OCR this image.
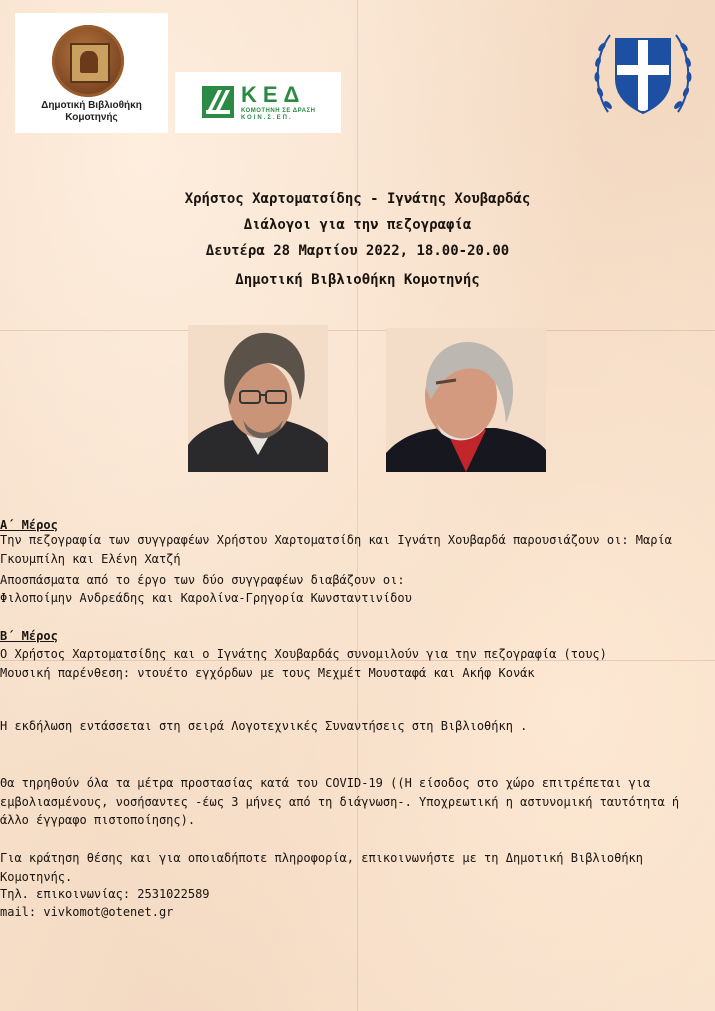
Δημοτική Βιβλιοθήκη
Κομοτηνής
ΚΕΔ
ΚΟΜΟΤΗΝΗ ΣΕ ΔΡΑΣΗ
ΚΟΙΝ.Σ.ΕΠ.
Χρήστος Χαρτοματσίδης - Ιγνάτης Χουβαρδάς
Διάλογοι για την πεζογραφία
Δευτέρα 28 Μαρτίου 2022, 18.00-20.00
Δημοτική Βιβλιοθήκη Κομοτηνής
Α΄ Μέρος
Την πεζογραφία των συγγραφέων Χρήστου Χαρτοματσίδη και Ιγνάτη Χουβαρδά παρουσιάζουν οι: Μαρία Γκουμπίλη και Ελένη Χατζή
Αποσπάσματα από το έργο των δύο συγγραφέων διαβάζουν οι:
Φιλοποίμην Ανδρεάδης και Καρολίνα-Γρηγορία Κωνσταντινίδου
Β΄ Μέρος
Ο Χρήστος Χαρτοματσίδης και ο Ιγνάτης Χουβαρδάς συνομιλούν για την πεζογραφία (τους)
Μουσική παρένθεση: ντουέτο εγχόρδων με τους Μεχμέτ Μουσταφά και Ακήφ Κονάκ
Η εκδήλωση εντάσσεται στη σειρά Λογοτεχνικές Συναντήσεις στη Βιβλιοθήκη .
Θα τηρηθούν όλα τα μέτρα προστασίας κατά του COVID-19 ((Η είσοδος στο χώρο επιτρέπεται για εμβολιασμένους, νοσήσαντες -έως 3 μήνες από τη διάγνωση-. Υποχρεωτική η αστυνομική ταυτότητα ή άλλο έγγραφο πιστοποίησης).
Για κράτηση θέσης και για οποιαδήποτε πληροφορία, επικοινωνήστε με τη Δημοτική Βιβλιοθήκη Κομοτηνής.
Τηλ. επικοινωνίας: 2531022589
mail: vivkomot@otenet.gr
